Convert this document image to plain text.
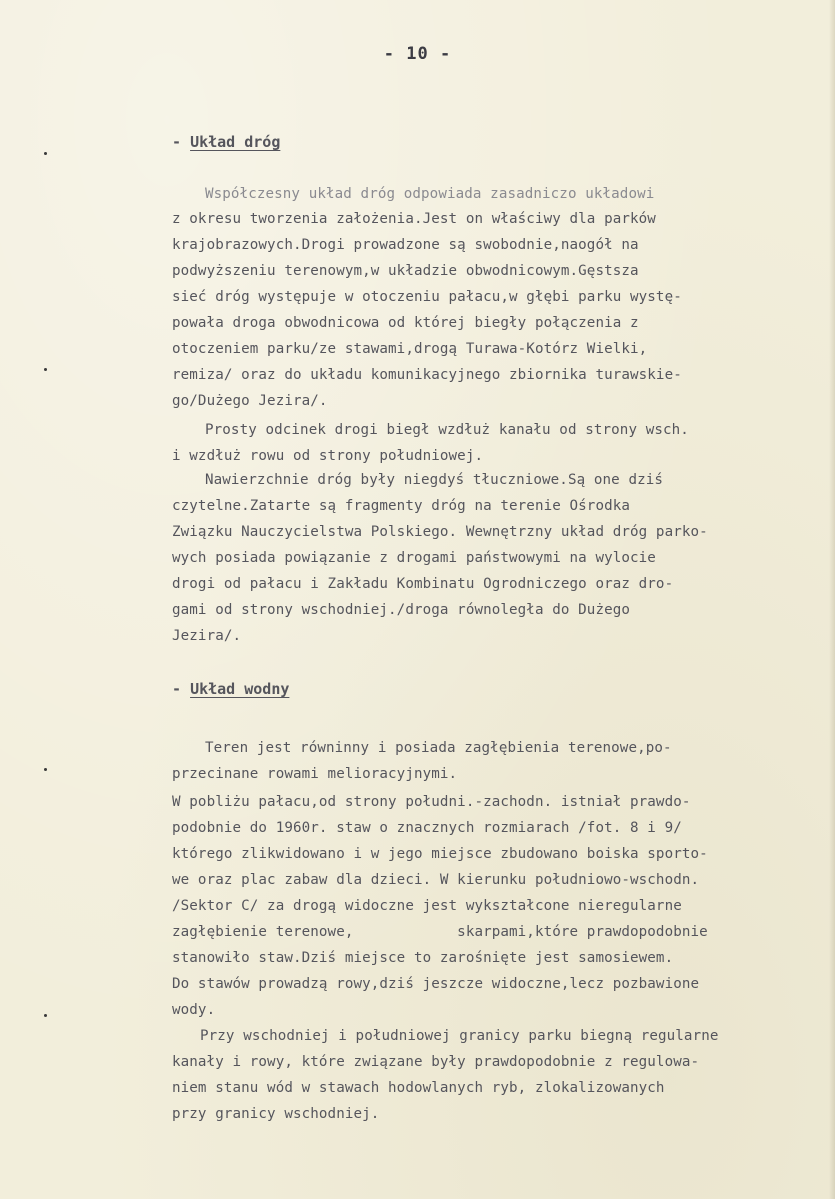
- 10 -
- Układ dróg
Współczesny układ dróg odpowiada zasadniczo układowi
z okresu tworzenia założenia.Jest on właściwy dla parków
krajobrazowych.Drogi prowadzone są swobodnie,naogół na
podwyższeniu terenowym,w układzie obwodnicowym.Gęstsza
sieć dróg występuje w otoczeniu pałacu,w głębi parku wystę-
powała droga obwodnicowa od której biegły połączenia z
otoczeniem parku/ze stawami,drogą Turawa-Kotórz Wielki,
remiza/ oraz do układu komunikacyjnego zbiornika turawskie-
go/Dużego Jezira/.
Prosty odcinek drogi biegł wzdłuż kanału od strony wsch.
i wzdłuż rowu od strony południowej.
Nawierzchnie dróg były niegdyś tłuczniowe.Są one dziś
czytelne.Zatarte są fragmenty dróg na terenie Ośrodka
Związku Nauczycielstwa Polskiego. Wewnętrzny układ dróg parko-
wych posiada powiązanie z drogami państwowymi na wylocie
drogi od pałacu i Zakładu Kombinatu Ogrodniczego oraz dro-
gami od strony wschodniej./droga równoległa do Dużego
Jezira/.
- Układ wodny
Teren jest równinny i posiada zagłębienia terenowe,po-
przecinane rowami melioracyjnymi.
W pobliżu pałacu,od strony południ.-zachodn. istniał prawdo-
podobnie do 1960r. staw o znacznych rozmiarach /fot. 8 i 9/
którego zlikwidowano i w jego miejsce zbudowano boiska sporto-
we oraz plac zabaw dla dzieci. W kierunku południowo-wschodn.
/Sektor C/ za drogą widoczne jest wykształcone nieregularne
zagłębienie terenowe,            skarpami,które prawdopodobnie
stanowiło staw.Dziś miejsce to zarośnięte jest samosiewem.
Do stawów prowadzą rowy,dziś jeszcze widoczne,lecz pozbawione
wody.
Przy wschodniej i południowej granicy parku biegną regularne
kanały i rowy, które związane były prawdopodobnie z regulowa-
niem stanu wód w stawach hodowlanych ryb, zlokalizowanych
przy granicy wschodniej.
